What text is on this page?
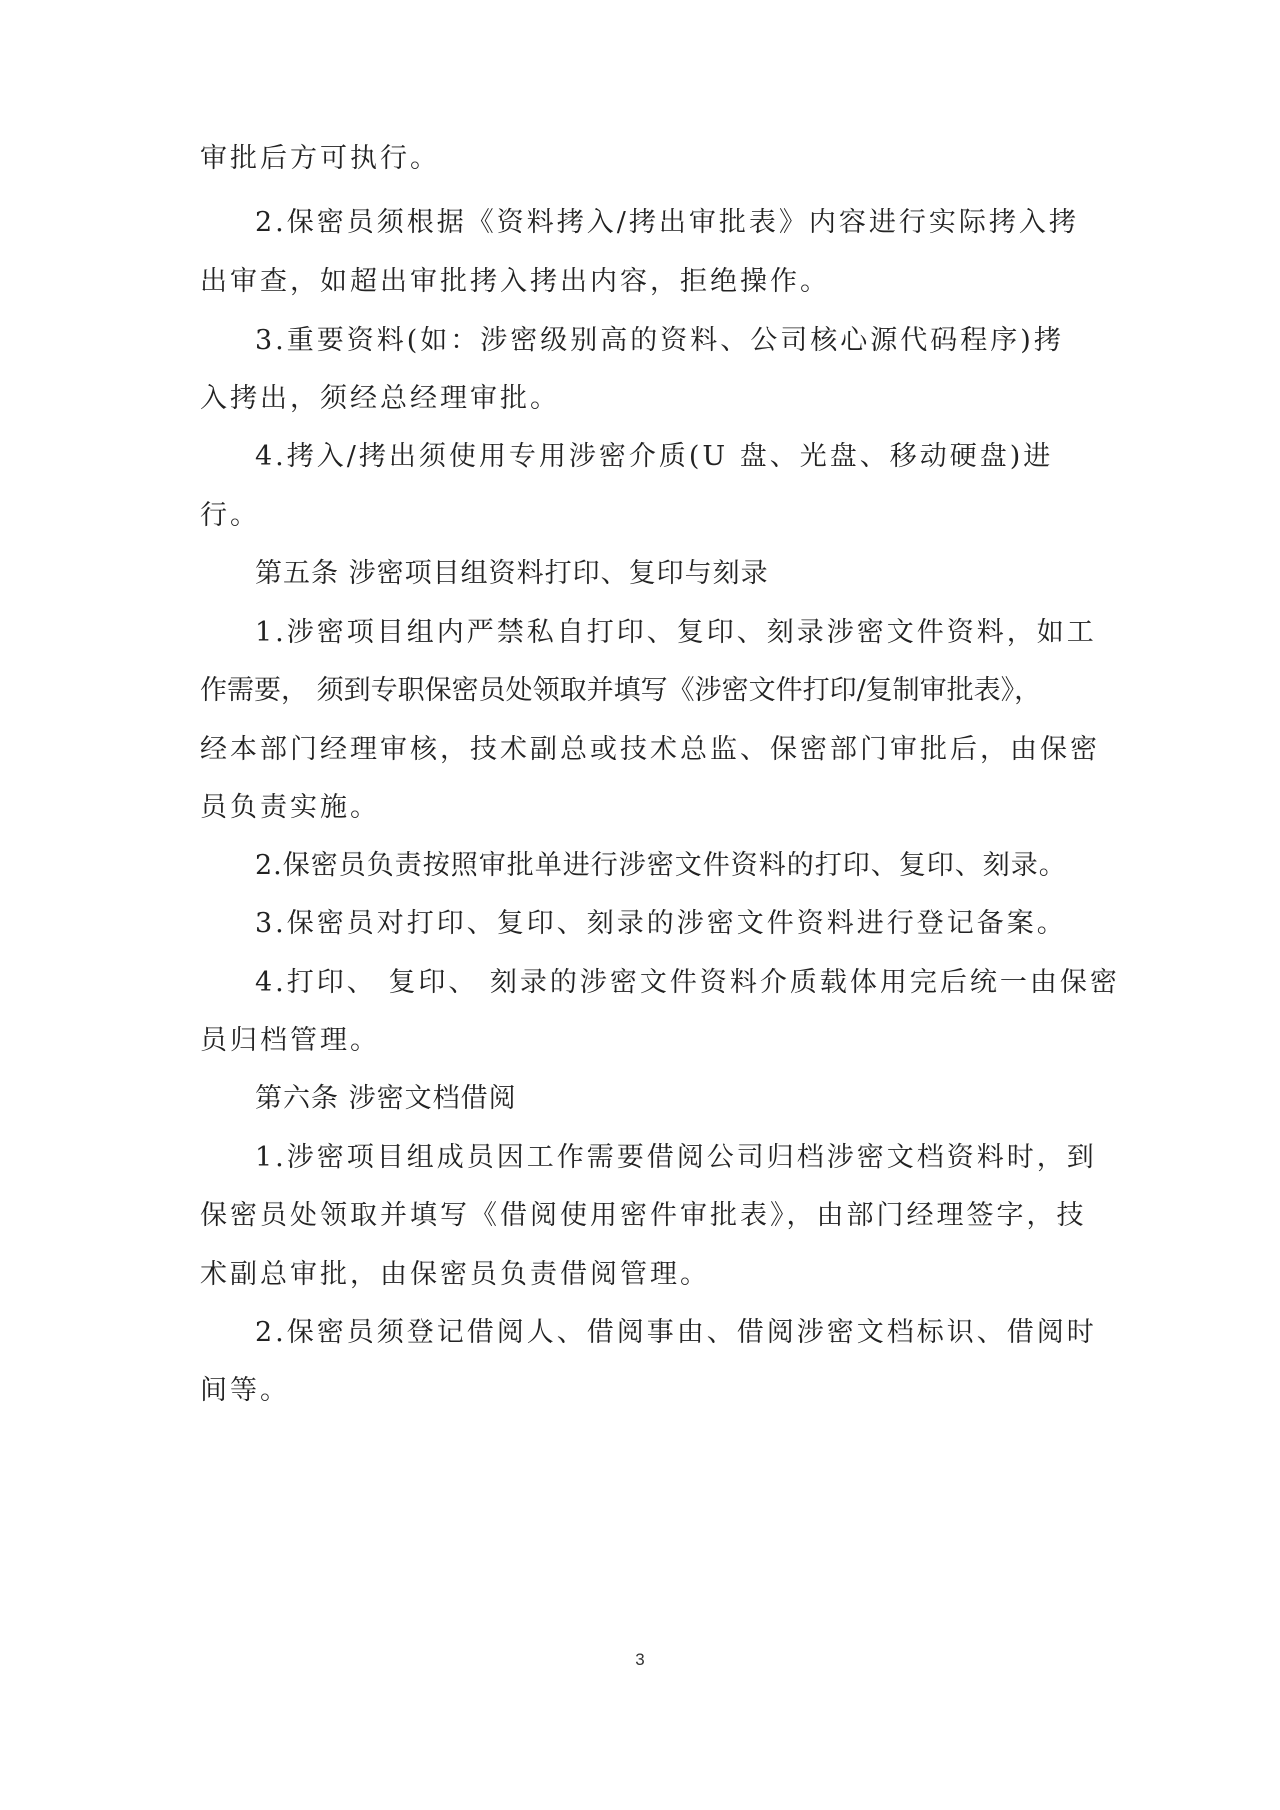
审批后方可执行。
2.保密员须根据《资料拷入/拷出审批表》内容进行实际拷入拷
出审查，如超出审批拷入拷出内容，拒绝操作。
3.重要资料(如：涉密级别高的资料、公司核心源代码程序)拷
入拷出，须经总经理审批。
4.拷入/拷出须使用专用涉密介质(U 盘、光盘、移动硬盘)进
行。
第五条 涉密项目组资料打印、复印与刻录
1.涉密项目组内严禁私自打印、复印、刻录涉密文件资料，如工
作需要， 须到专职保密员处领取并填写《涉密文件打印/复制审批表》，
经本部门经理审核，技术副总或技术总监、保密部门审批后，由保密
员负责实施。
2.保密员负责按照审批单进行涉密文件资料的打印、复印、刻录。
3.保密员对打印、复印、刻录的涉密文件资料进行登记备案。
4.打印、 复印、 刻录的涉密文件资料介质载体用完后统一由保密
员归档管理。
第六条 涉密文档借阅
1.涉密项目组成员因工作需要借阅公司归档涉密文档资料时，到
保密员处领取并填写《借阅使用密件审批表》，由部门经理签字，技
术副总审批，由保密员负责借阅管理。
2.保密员须登记借阅人、借阅事由、借阅涉密文档标识、借阅时
间等。
3
